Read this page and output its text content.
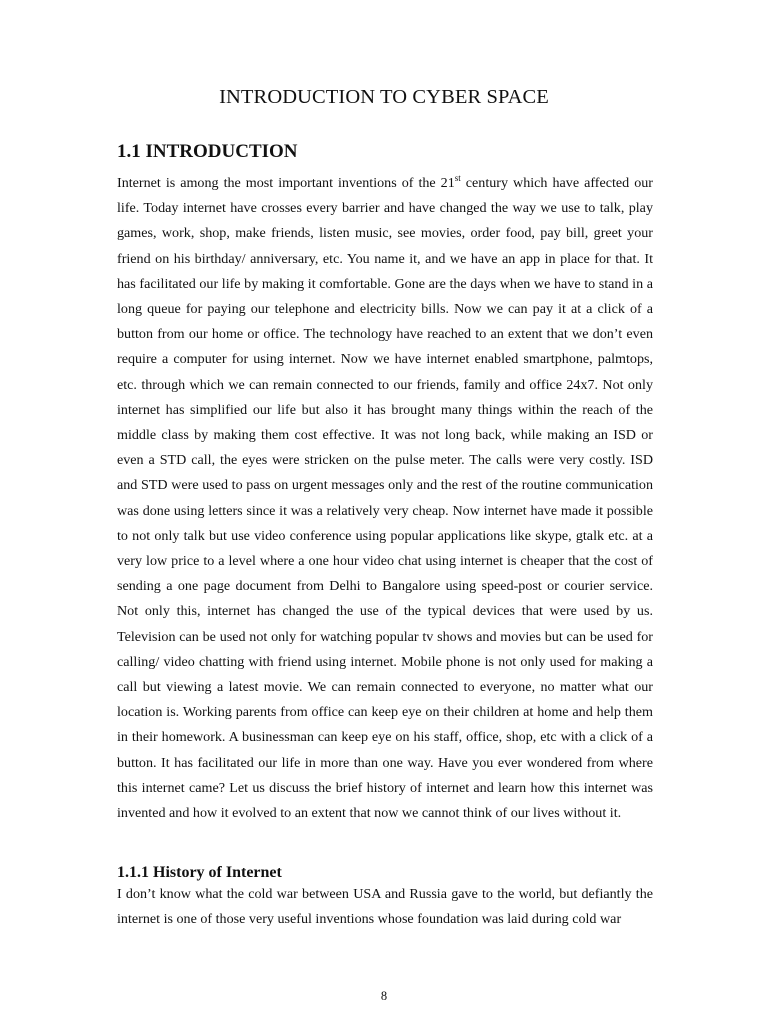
INTRODUCTION TO CYBER SPACE
1.1 INTRODUCTION

Internet is among the most important inventions of the 21st century which have affected our life. Today internet have crosses every barrier and have changed the way we use to talk, play games, work, shop, make friends, listen music, see movies, order food, pay bill, greet your friend on his birthday/ anniversary, etc. You name it, and we have an app in place for that. It has facilitated our life by making it comfortable. Gone are the days when we have to stand in a long queue for paying our telephone and electricity bills. Now we can pay it at a click of a button from our home or office. The technology have reached to an extent that we don’t even require a computer for using internet. Now we have internet enabled smartphone, palmtops, etc. through which we can remain connected to our friends, family and office 24x7. Not only internet has simplified our life but also it has brought many things within the reach of the middle class by making them cost effective. It was not long back, while making an ISD or even a STD call, the eyes were stricken on the pulse meter. The calls were very costly. ISD and STD were used to pass on urgent messages only and the rest of the routine communication was done using letters since it was a relatively very cheap. Now internet have made it possible to not only talk but use video conference using popular applications like skype, gtalk etc. at a very low price to a level where a one hour video chat using internet is cheaper that the cost of sending a one page document from Delhi to Bangalore using speed-post or courier service. Not only this, internet has changed the use of the typical devices that were used by us. Television can be used not only for watching popular tv shows and movies but can be used for calling/ video chatting with friend using internet. Mobile phone is not only used for making a call but viewing a latest movie. We can remain connected to everyone, no matter what our location is. Working parents from office can keep eye on their children at home and help them in their homework. A businessman can keep eye on his staff, office, shop, etc with a click of a button. It has facilitated our life in more than one way. Have you ever wondered from where this internet came? Let us discuss the brief history of internet and learn how this internet was invented and how it evolved to an extent that now we cannot think of our lives without it.

1.1.1 History of Internet

I don’t know what the cold war between USA and Russia gave to the world, but defiantly the internet is one of those very useful inventions whose foundation was laid during cold war

8
